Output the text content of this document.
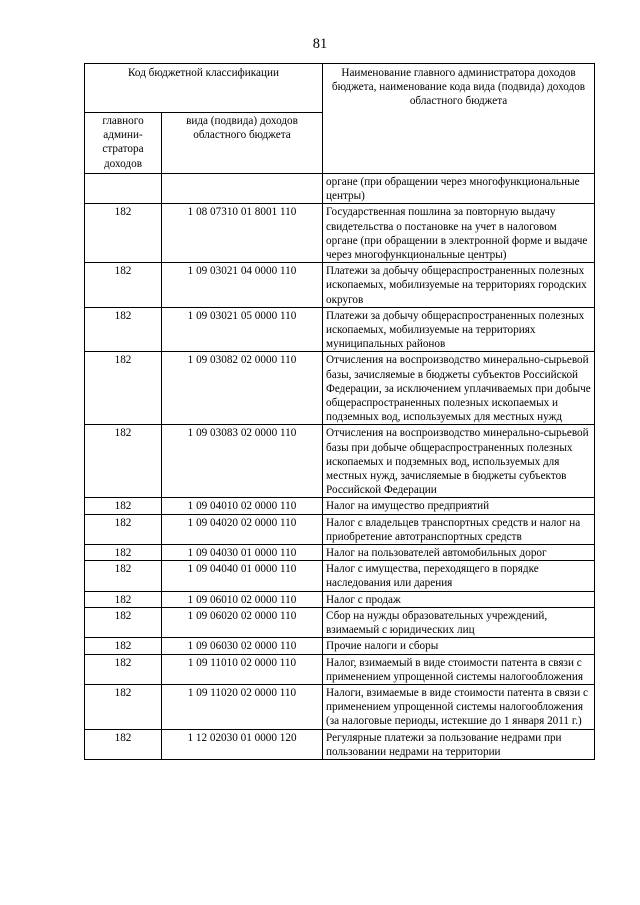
81
Код бюджетной классификации		Наименование главного администратора доходов бюджета, наименование кода вида (подвида) доходов областного бюджета
главного админи-стратора доходов	вида (подвида) доходов областного бюджета	
		органе (при обращении через многофункциональные центры)
182	1 08 07310 01 8001 110	Государственная пошлина за повторную выдачу свидетельства о постановке на учет в налоговом органе (при обращении в электронной форме и выдаче через многофункциональные центры)
182	1 09 03021 04 0000 110	Платежи за добычу общераспространенных полезных ископаемых, мобилизуемые на территориях городских округов
182	1 09 03021 05 0000 110	Платежи за добычу общераспространенных полезных ископаемых, мобилизуемые на территориях муниципальных районов
182	1 09 03082 02 0000 110	Отчисления на воспроизводство минерально-сырьевой базы, зачисляемые в бюджеты субъектов Российской Федерации, за исключением уплачиваемых при добыче общераспространенных полезных ископаемых и подземных вод, используемых для местных нужд
182	1 09 03083 02 0000 110	Отчисления на воспроизводство минерально-сырьевой базы при добыче общераспространенных полезных ископаемых и подземных вод, используемых для местных нужд, зачисляемые в бюджеты субъектов Российской Федерации
182	1 09 04010 02 0000 110	Налог на имущество предприятий
182	1 09 04020 02 0000 110	Налог с владельцев транспортных средств и налог на приобретение автотранспортных средств
182	1 09 04030 01 0000 110	Налог на пользователей автомобильных дорог
182	1 09 04040 01 0000 110	Налог с имущества, переходящего в порядке наследования или дарения
182	1 09 06010 02 0000 110	Налог с продаж
182	1 09 06020 02 0000 110	Сбор на нужды образовательных учреждений, взимаемый с юридических лиц
182	1 09 06030 02 0000 110	Прочие налоги и сборы
182	1 09 11010 02 0000 110	Налог, взимаемый в виде стоимости патента в связи с применением упрощенной системы налогообложения
182	1 09 11020 02 0000 110	Налоги, взимаемые в виде стоимости патента в связи с применением упрощенной системы налогообложения (за налоговые периоды, истекшие до 1 января 2011 г.)
182	1 12 02030 01 0000 120	Регулярные платежи за пользование недрами при пользовании недрами на территории
